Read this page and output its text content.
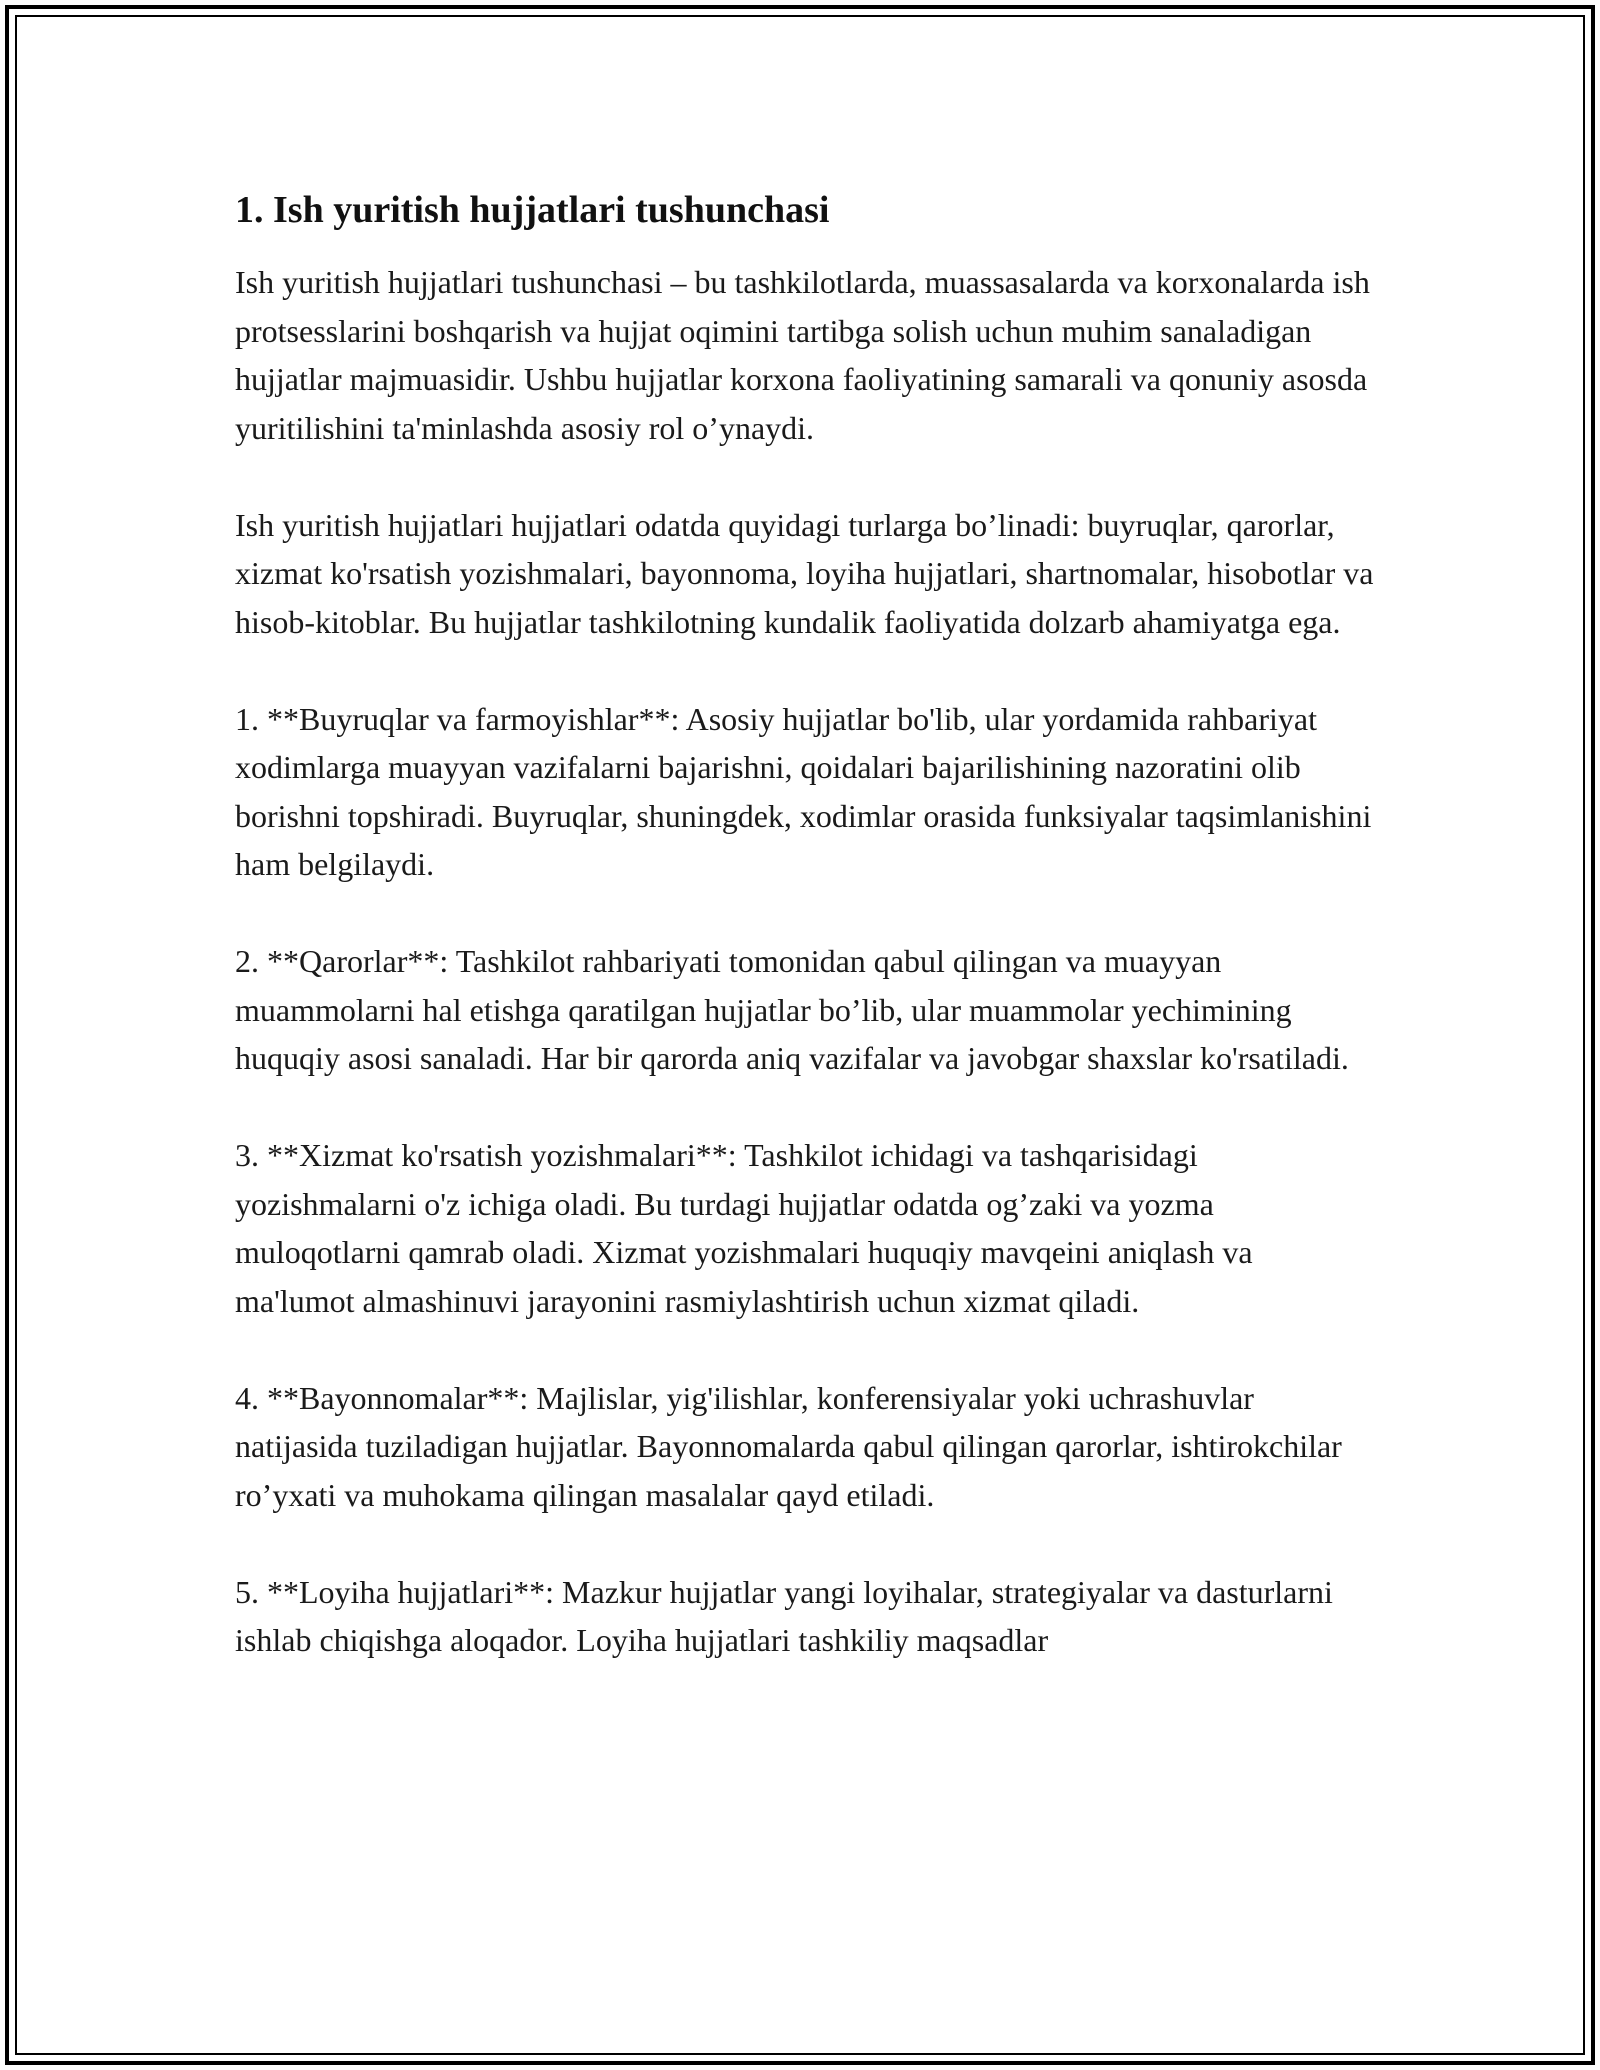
1. Ish yuritish hujjatlari tushunchasi

Ish yuritish hujjatlari tushunchasi – bu tashkilotlarda, muassasalarda va korxonalarda ish protsesslarini boshqarish va hujjat oqimini tartibga solish uchun muhim sanaladigan hujjatlar majmuasidir. Ushbu hujjatlar korxona faoliyatining samarali va qonuniy asosda yuritilishini ta'minlashda asosiy rol o’ynaydi.

Ish yuritish hujjatlari hujjatlari odatda quyidagi turlarga bo’linadi: buyruqlar, qarorlar, xizmat ko'rsatish yozishmalari, bayonnoma, loyiha hujjatlari, shartnomalar, hisobotlar va hisob-kitoblar. Bu hujjatlar tashkilotning kundalik faoliyatida dolzarb ahamiyatga ega.

1. **Buyruqlar va farmoyishlar**: Asosiy hujjatlar bo'lib, ular yordamida rahbariyat xodimlarga muayyan vazifalarni bajarishni, qoidalari bajarilishining nazoratini olib borishni topshiradi. Buyruqlar, shuningdek, xodimlar orasida funksiyalar taqsimlanishini ham belgilaydi.

2. **Qarorlar**: Tashkilot rahbariyati tomonidan qabul qilingan va muayyan muammolarni hal etishga qaratilgan hujjatlar bo’lib, ular muammolar yechimining huquqiy asosi sanaladi. Har bir qarorda aniq vazifalar va javobgar shaxslar ko'rsatiladi.

3. **Xizmat ko'rsatish yozishmalari**: Tashkilot ichidagi va tashqarisidagi yozishmalarni o'z ichiga oladi. Bu turdagi hujjatlar odatda og’zaki va yozma muloqotlarni qamrab oladi. Xizmat yozishmalari huquqiy mavqeini aniqlash va ma'lumot almashinuvi jarayonini rasmiylashtirish uchun xizmat qiladi.

4. **Bayonnomalar**: Majlislar, yig'ilishlar, konferensiyalar yoki uchrashuvlar natijasida tuziladigan hujjatlar. Bayonnomalarda qabul qilingan qarorlar, ishtirokchilar ro’yxati va muhokama qilingan masalalar qayd etiladi.

5. **Loyiha hujjatlari**: Mazkur hujjatlar yangi loyihalar, strategiyalar va dasturlarni ishlab chiqishga aloqador. Loyiha hujjatlari tashkiliy maqsadlar
